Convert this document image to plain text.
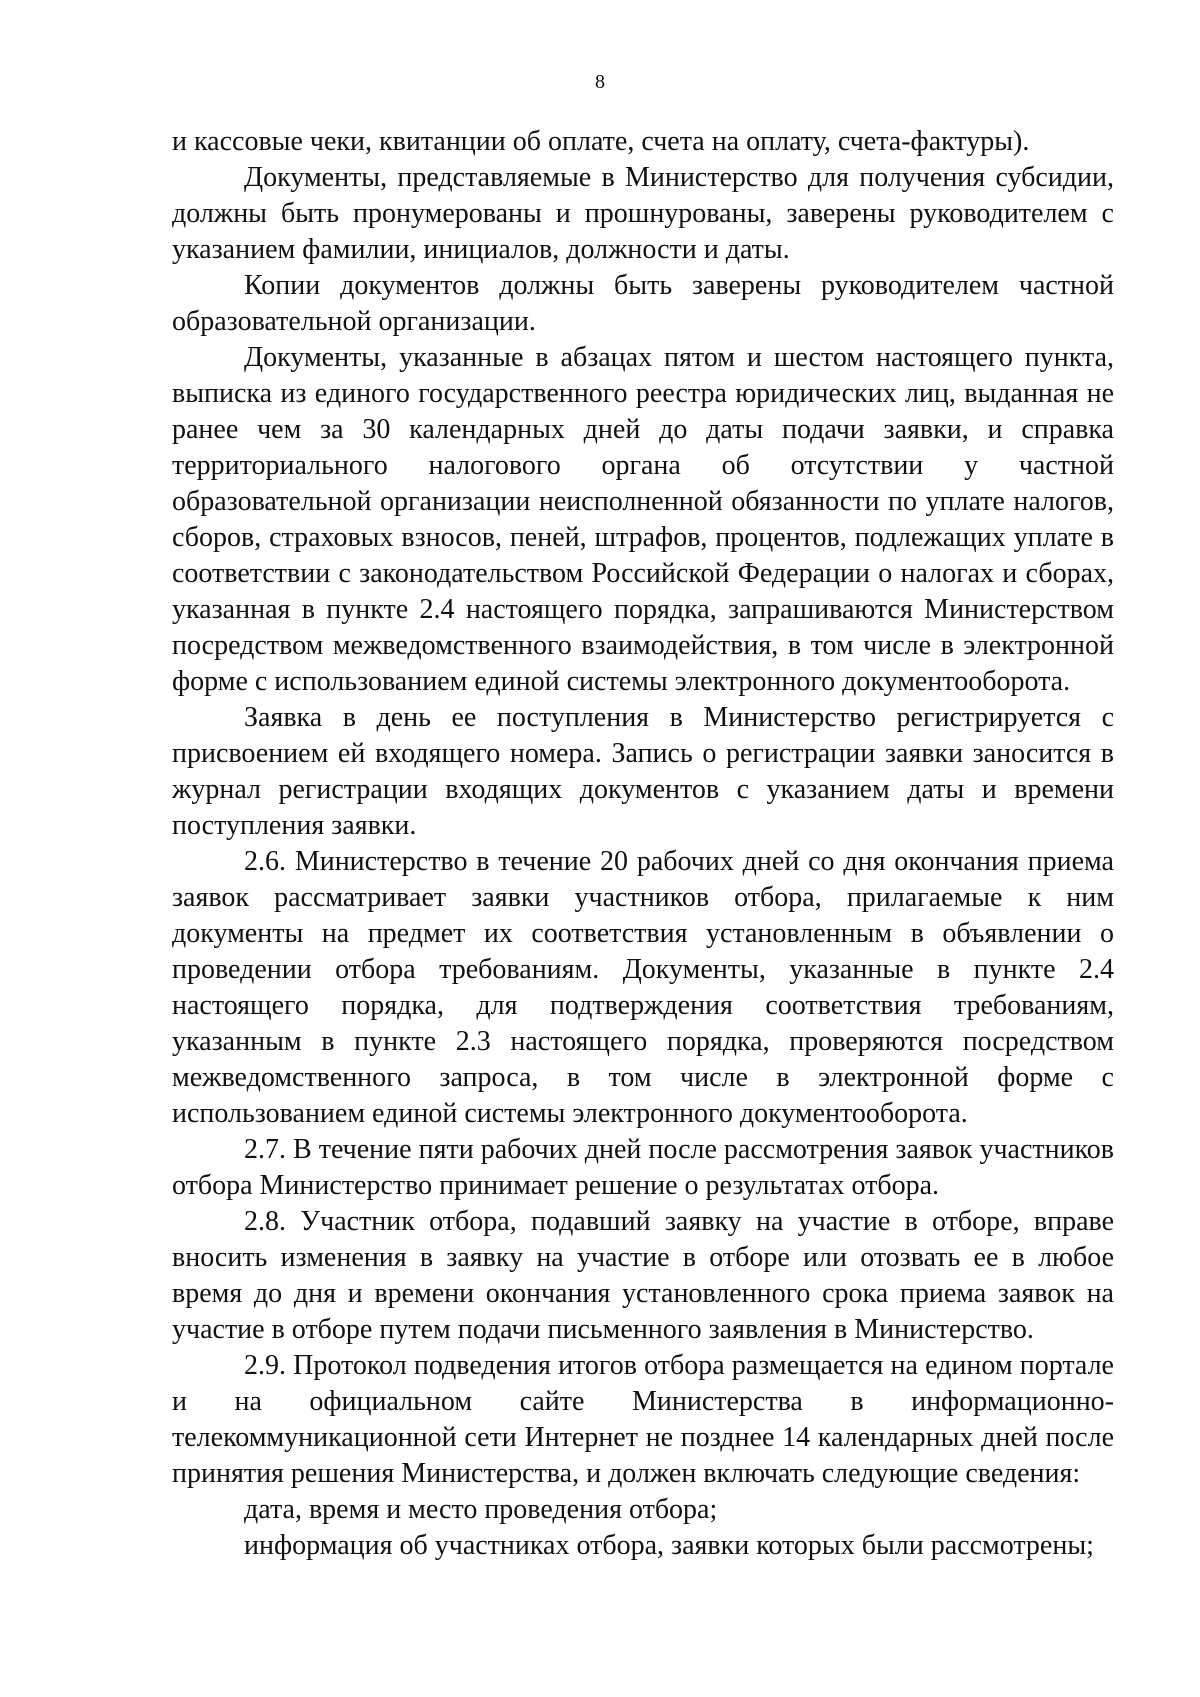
8

и кассовые чеки, квитанции об оплате, счета на оплату, счета-фактуры).

Документы, представляемые в Министерство для получения субсидии, должны быть пронумерованы и прошнурованы, заверены руководителем с указанием фамилии, инициалов, должности и даты.

Копии документов должны быть заверены руководителем частной образовательной организации.

Документы, указанные в абзацах пятом и шестом настоящего пункта, выписка из единого государственного реестра юридических лиц, выданная не ранее чем за 30 календарных дней до даты подачи заявки, и справка территориального налогового органа об отсутствии у частной образовательной организации неисполненной обязанности по уплате налогов, сборов, страховых взносов, пеней, штрафов, процентов, подлежащих уплате в соответствии с законодательством Российской Федерации о налогах и сборах, указанная в пункте 2.4 настоящего порядка, запрашиваются Министерством посредством межведомственного взаимодействия, в том числе в электронной форме с использованием единой системы электронного документооборота.

Заявка в день ее поступления в Министерство регистрируется с присвоением ей входящего номера. Запись о регистрации заявки заносится в журнал регистрации входящих документов с указанием даты и времени поступления заявки.

2.6. Министерство в течение 20 рабочих дней со дня окончания приема заявок рассматривает заявки участников отбора, прилагаемые к ним документы на предмет их соответствия установленным в объявлении о проведении отбора требованиям. Документы, указанные в пункте 2.4 настоящего порядка, для подтверждения соответствия требованиям, указанным в пункте 2.3 настоящего порядка, проверяются посредством межведомственного запроса, в том числе в электронной форме с использованием единой системы электронного документооборота.

2.7. В течение пяти рабочих дней после рассмотрения заявок участников отбора Министерство принимает решение о результатах отбора.

2.8. Участник отбора, подавший заявку на участие в отборе, вправе вносить изменения в заявку на участие в отборе или отозвать ее в любое время до дня и времени окончания установленного срока приема заявок на участие в отборе путем подачи письменного заявления в Министерство.

2.9. Протокол подведения итогов отбора размещается на едином портале и на официальном сайте Министерства в информационно-телекоммуникационной сети Интернет не позднее 14 календарных дней после принятия решения Министерства, и должен включать следующие сведения:

дата, время и место проведения отбора;

информация об участниках отбора, заявки которых были рассмотрены;
